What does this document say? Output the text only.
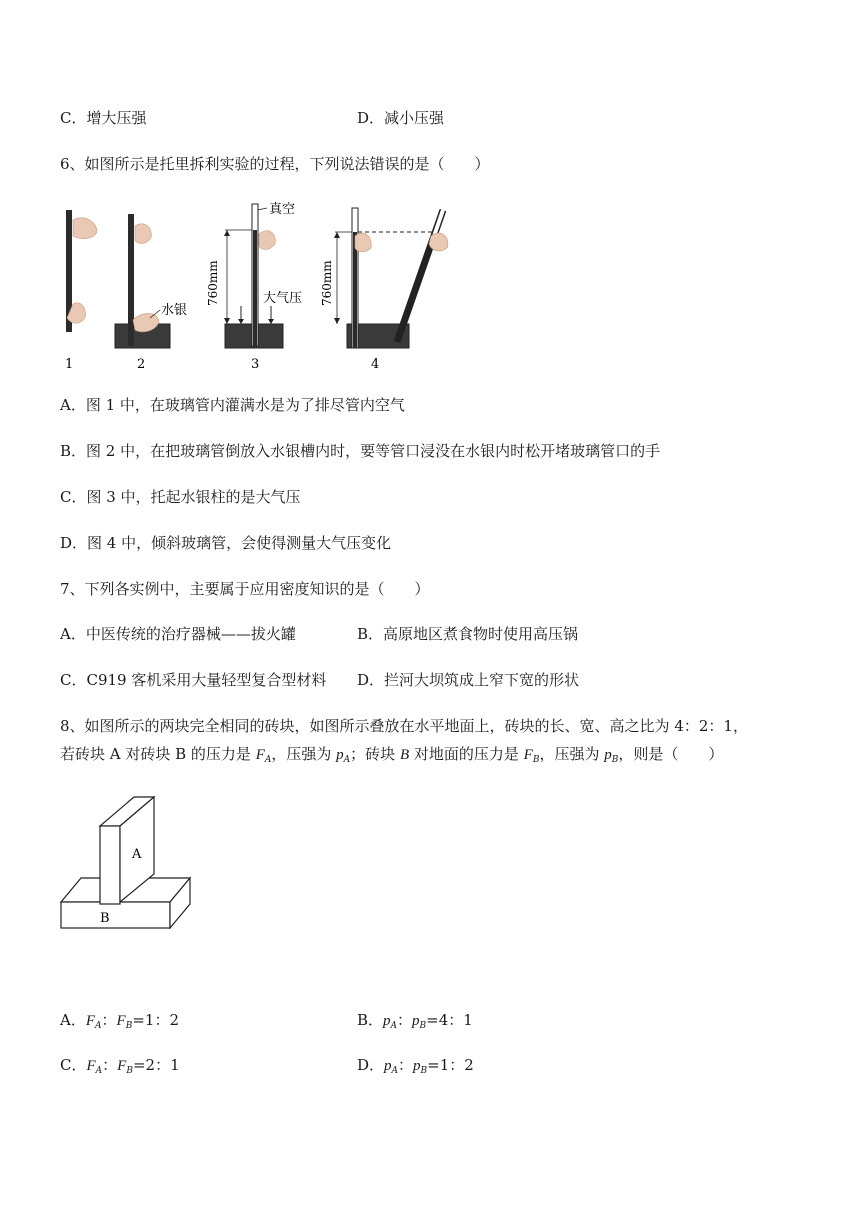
C．增大压强	D．减小压强
6、如图所示是托里拆利实验的过程，下列说法错误的是（　　）
1
水银
2
真空
760mm	大气压
3
760mm
4
A．图 1 中，在玻璃管内灌满水是为了排尽管内空气
B．图 2 中，在把玻璃管倒放入水银槽内时，要等管口浸没在水银内时松开堵玻璃管口的手
C．图 3 中，托起水银柱的是大气压
D．图 4 中，倾斜玻璃管，会使得测量大气压变化
7、下列各实例中，主要属于应用密度知识的是（　　）
A．中医传统的治疗器械——拔火罐	B．高原地区煮食物时使用高压锅
C．C919 客机采用大量轻型复合型材料 D．拦河大坝筑成上窄下宽的形状
8、如图所示的两块完全相同的砖块，如图所示叠放在水平地面上，砖块的长、宽、高之比为 4：2：1，
若砖块 A 对砖块 B 的压力是 $F_A$，压强为 $p_A$；砖块 B 对地面的压力是 $F_B$，压强为 $p_B$，则是（　　）
A
B
A．$F_A$：$F_B=1$：2	B．$p_A$：$p_B=4$：1
C．$F_A$：$F_B=2$：1	D．$p_A$：$p_B=1$：2
